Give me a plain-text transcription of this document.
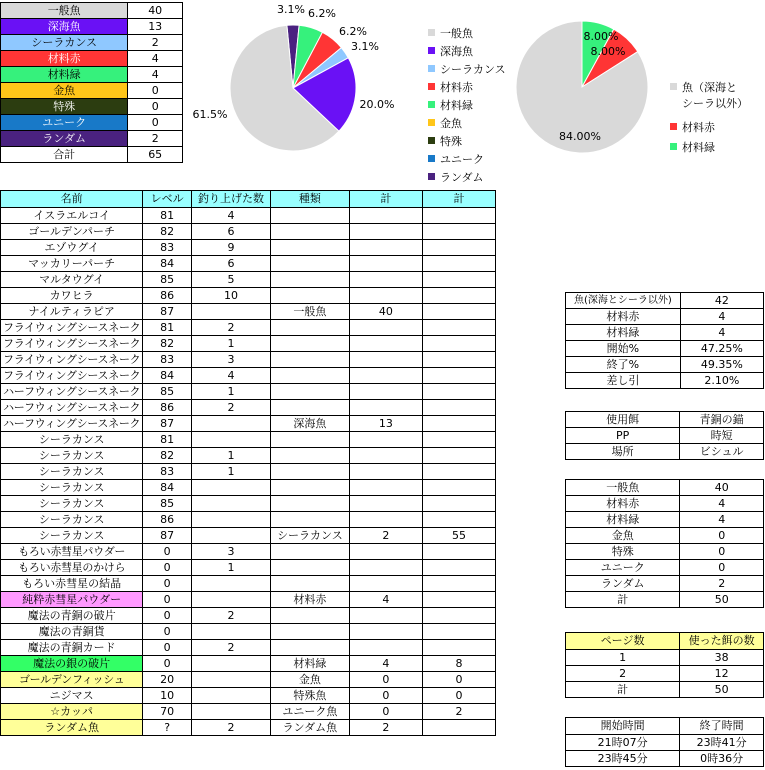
一般魚	40
深海魚	13
シーラカンス	2
材料赤	4
材料緑	4
金魚	0
特殊	0
ユニーク	0
ランダム	2
合計	65
61.5%
20.0%
3.1%
6.2%
6.2%
3.1%
一般魚
深海魚
シーラカンス
材料赤
材料緑
金魚
特殊
ユニーク
ランダム
84.00%
8.00%
8.00%
魚（深海と
シーラ以外）
材料赤
材料緑
名前	レベル	釣り上げた数	種類	計	計
イスラエルコイ	81	4			
ゴールデンパーチ	82	6			
エゾウグイ	83	9			
マッカリーパーチ	84	6			
マルタウグイ	85	5			
カワヒラ	86	10			
ナイルティラピア	87		一般魚	40	
フライウィングシースネーク	81	2			
フライウィングシースネーク	82	1			
フライウィングシースネーク	83	3			
フライウィングシースネーク	84	4			
ハーフウィングシースネーク	85	1			
ハーフウィングシースネーク	86	2			
ハーフウィングシースネーク	87		深海魚	13	
シーラカンス	81				
シーラカンス	82	1			
シーラカンス	83	1			
シーラカンス	84				
シーラカンス	85				
シーラカンス	86				
シーラカンス	87		シーラカンス	2	55
もろい赤彗星パウダー	0	3			
もろい赤彗星のかけら	0	1			
もろい赤彗星の結晶	0				
純粋赤彗星パウダー	0		材料赤	4	
魔法の青銅の破片	0	2			
魔法の青銅貨	0				
魔法の青銅カード	0	2			
魔法の銀の破片	0		材料緑	4	8
ゴールデンフィッシュ	20		金魚	0	0
ニジマス	10		特殊魚	0	0
☆カッパ	70		ユニーク魚	0	2
ランダム魚	?	2	ランダム魚	2	
魚(深海とシーラ以外)	42
材料赤	4
材料緑	4
開始%	47.25%
終了%	49.35%
差し引	2.10%
使用餌	青銅の錨
PP	時短
場所	ビシュル
一般魚	40
材料赤	4
材料緑	4
金魚	0
特殊	0
ユニーク	0
ランダム	2
計	50
ページ数	使った餌の数
1	38
2	12
計	50
開始時間	終了時間
21時07分	23時41分
23時45分	0時36分
